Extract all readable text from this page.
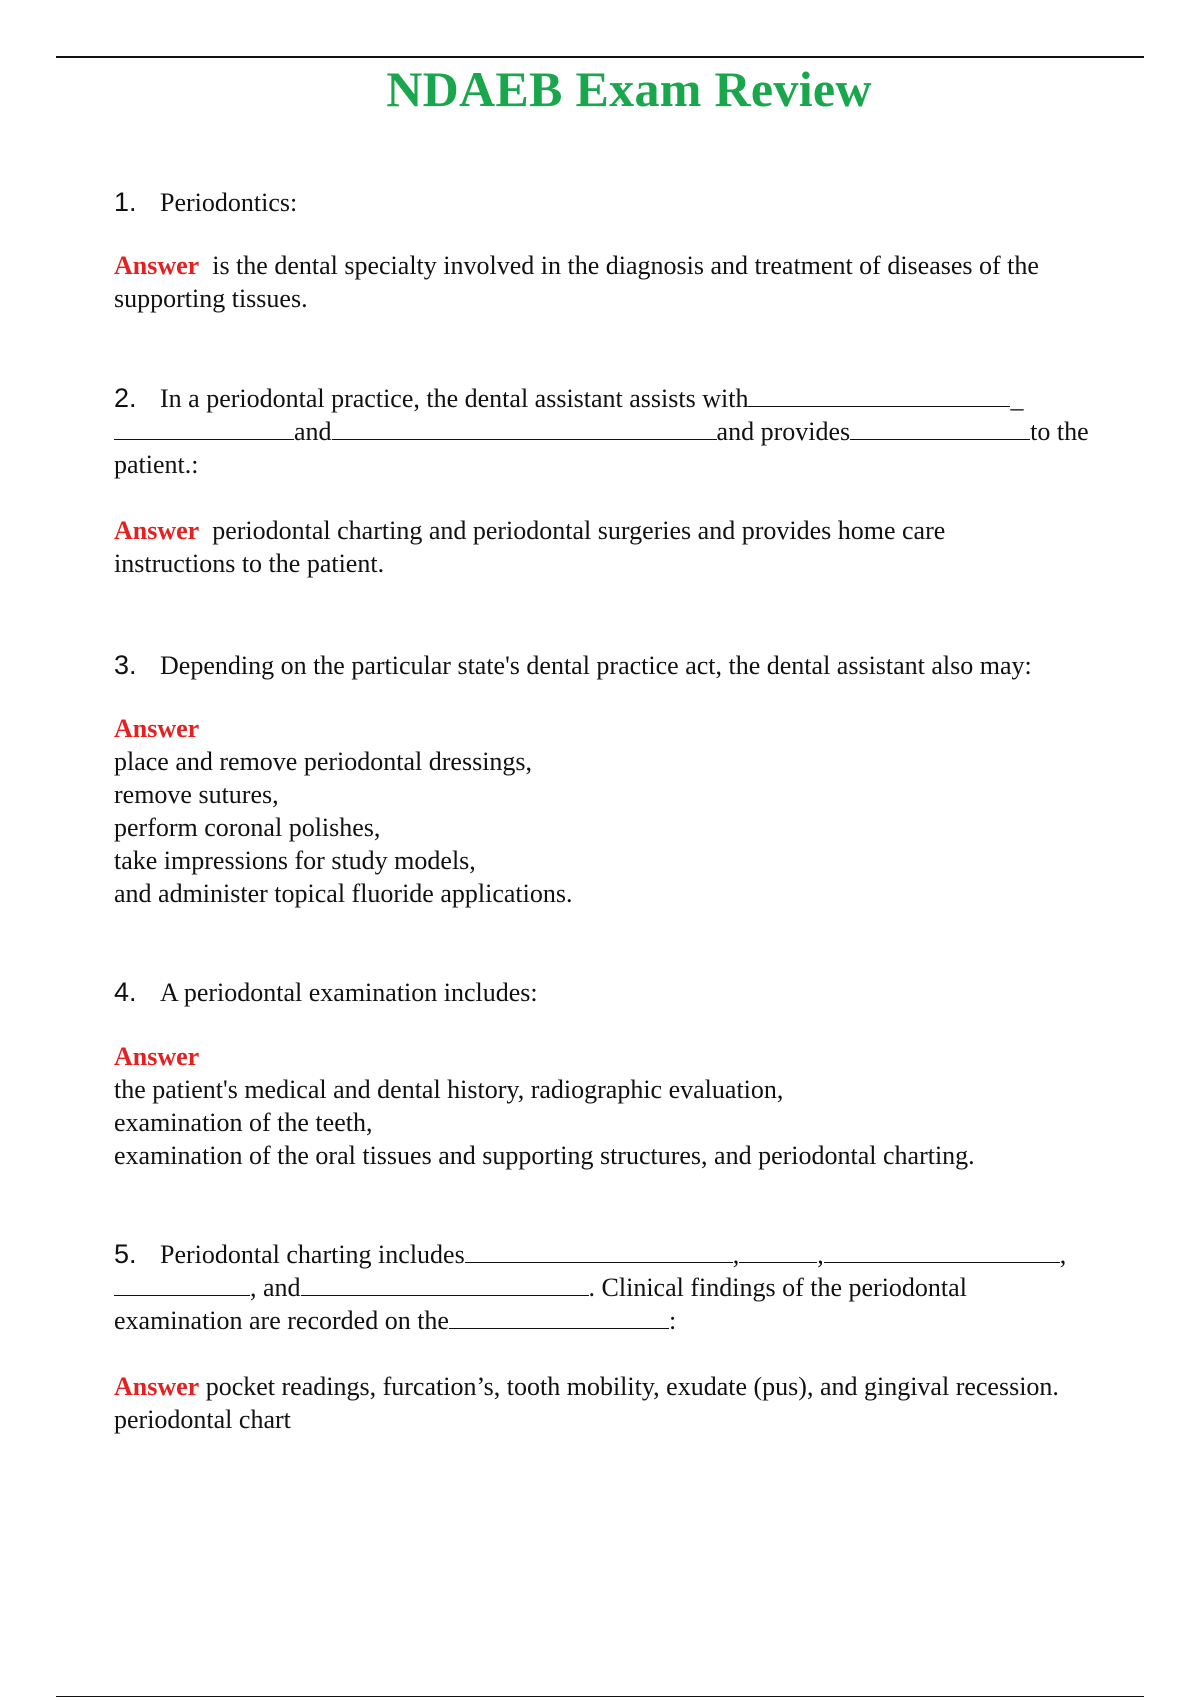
NDAEB Exam Review
1. Periodontics:
Answer is the dental specialty involved in the diagnosis and treatment of diseases of the
supporting tissues.
2. In a periodontal practice, the dental assistant assists with	_
and	and provides	to the
patient.:
Answer periodontal charting and periodontal surgeries and provides home care
instructions to the patient.
3. Depending on the particular state's dental practice act, the dental assistant also may:
Answer
place and remove periodontal dressings,
remove sutures,
perform coronal polishes,
take impressions for study models,
and administer topical fluoride applications.
4. A periodontal examination includes:
Answer
the patient's medical and dental history, radiographic evaluation,
examination of the teeth,
examination of the oral tissues and supporting structures, and periodontal charting.
5. Periodontal charting includes	,	,	,
, and	. Clinical findings of the periodontal
examination are recorded on the	:
Answer pocket readings, furcation’s, tooth mobility, exudate (pus), and gingival recession.
periodontal chart
